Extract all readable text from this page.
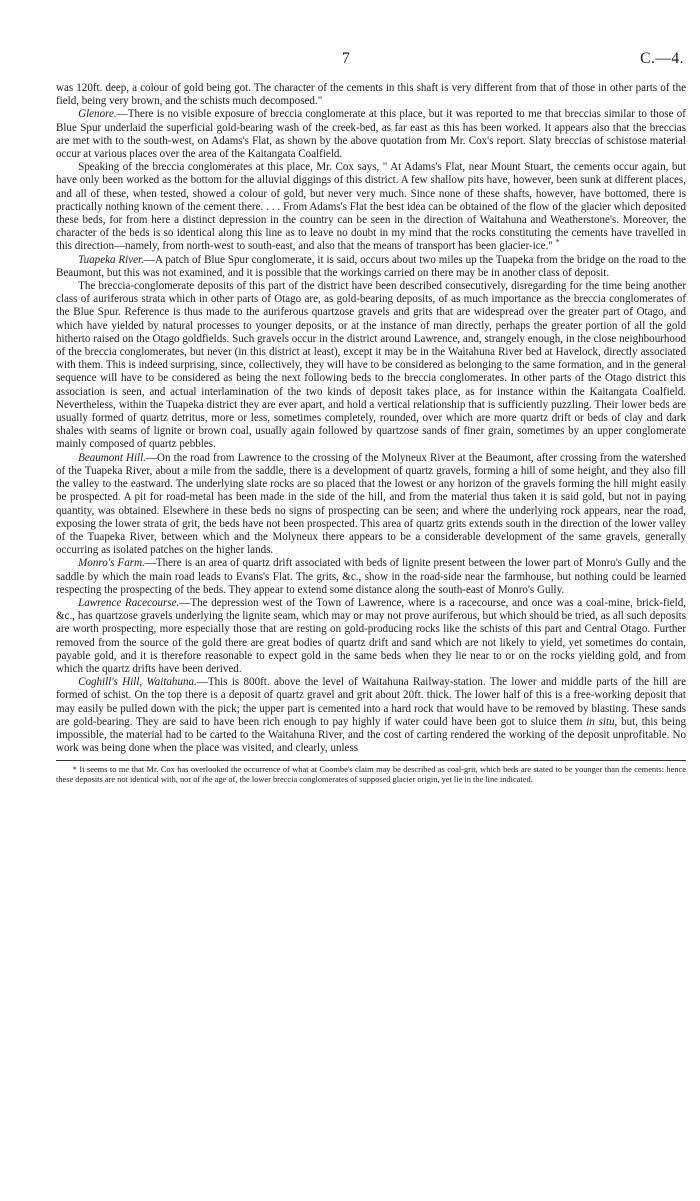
7	C.—4.

was 120ft. deep, a colour of gold being got. The character of the cements in this shaft is very different from that of those in other parts of the field, being very brown, and the schists much decomposed."

Glenore.—There is no visible exposure of breccia conglomerate at this place, but it was reported to me that breccias similar to those of Blue Spur underlaid the superficial gold-bearing wash of the creek-bed, as far east as this has been worked. It appears also that the breccias are met with to the south-west, on Adams's Flat, as shown by the above quotation from Mr. Cox's report. Slaty breccias of schistose material occur at various places over the area of the Kaitangata Coalfield.

Speaking of the breccia conglomerates at this place, Mr. Cox says, " At Adams's Flat, near Mount Stuart, the cements occur again, but have only been worked as the bottom for the alluvial diggings of this district. A few shallow pits have, however, been sunk at different places, and all of these, when tested, showed a colour of gold, but never very much. Since none of these shafts, however, have bottomed, there is practically nothing known of the cement there. . . . From Adams's Flat the best idea can be obtained of the flow of the glacier which deposited these beds, for from here a distinct depression in the country can be seen in the direction of Waitahuna and Weatherstone's. Moreover, the character of the beds is so identical along this line as to leave no doubt in my mind that the rocks constituting the cements have travelled in this direction—namely, from north-west to south-east, and also that the means of transport has been glacier-ice." *

Tuapeka River.—A patch of Blue Spur conglomerate, it is said, occurs about two miles up the Tuapeka from the bridge on the road to the Beaumont, but this was not examined, and it is possible that the workings carried on there may be in another class of deposit.

The breccia-conglomerate deposits of this part of the district have been described consecutively, disregarding for the time being another class of auriferous strata which in other parts of Otago are, as gold-bearing deposits, of as much importance as the breccia conglomerates of the Blue Spur. Reference is thus made to the auriferous quartzose gravels and grits that are widespread over the greater part of Otago, and which have yielded by natural processes to younger deposits, or at the instance of man directly, perhaps the greater portion of all the gold hitherto raised on the Otago goldfields. Such gravels occur in the district around Lawrence, and, strangely enough, in the close neighbourhood of the breccia conglomerates, but never (in this district at least), except it may be in the Waitahuna River bed at Havelock, directly associated with them. This is indeed surprising, since, collectively, they will have to be considered as belonging to the same formation, and in the general sequence will have to be considered as being the next following beds to the breccia conglomerates. In other parts of the Otago district this association is seen, and actual interlamination of the two kinds of deposit takes place, as for instance within the Kaitangata Coalfield. Nevertheless, within the Tuapeka district they are ever apart, and hold a vertical relationship that is sufficiently puzzling. Their lower beds are usually formed of quartz detritus, more or less, sometimes completely, rounded, over which are more quartz drift or beds of clay and dark shales with seams of lignite or brown coal, usually again followed by quartzose sands of finer grain, sometimes by an upper conglomerate mainly composed of quartz pebbles.

Beaumont Hill.—On the road from Lawrence to the crossing of the Molyneux River at the Beaumont, after crossing from the watershed of the Tuapeka River, about a mile from the saddle, there is a development of quartz gravels, forming a hill of some height, and they also fill the valley to the eastward. The underlying slate rocks are so placed that the lowest or any horizon of the gravels forming the hill might easily be prospected. A pit for road-metal has been made in the side of the hill, and from the material thus taken it is said gold, but not in paying quantity, was obtained. Elsewhere in these beds no signs of prospecting can be seen; and where the underlying rock appears, near the road, exposing the lower strata of grit, the beds have not been prospected. This area of quartz grits extends south in the direction of the lower valley of the Tuapeka River, between which and the Molyneux there appears to be a considerable development of the same gravels, generally occurring as isolated patches on the higher lands.

Monro's Farm.—There is an area of quartz drift associated with beds of lignite present between the lower part of Monro's Gully and the saddle by which the main road leads to Evans's Flat. The grits, &c., show in the road-side near the farmhouse, but nothing could be learned respecting the prospecting of the beds. They appear to extend some distance along the south-east of Monro's Gully.

Lawrence Racecourse.—The depression west of the Town of Lawrence, where is a racecourse, and once was a coal-mine, brick-field, &c., has quartzose gravels underlying the lignite seam, which may or may not prove auriferous, but which should be tried, as all such deposits are worth prospecting, more especially those that are resting on gold-producing rocks like the schists of this part and Central Otago. Further removed from the source of the gold there are great bodies of quartz drift and sand which are not likely to yield, yet sometimes do contain, payable gold, and it is therefore reasonable to expect gold in the same beds when they lie near to or on the rocks yielding gold, and from which the quartz drifts have been derived.

Coghill's Hill, Waitahuna.—This is 800ft. above the level of Waitahuna Railway-station. The lower and middle parts of the hill are formed of schist. On the top there is a deposit of quartz gravel and grit about 20ft. thick. The lower half of this is a free-working deposit that may easily be pulled down with the pick; the upper part is cemented into a hard rock that would have to be removed by blasting. These sands are gold-bearing. They are said to have been rich enough to pay highly if water could have been got to sluice them in situ, but, this being impossible, the material had to be carted to the Waitahuna River, and the cost of carting rendered the working of the deposit unprofitable. No work was being done when the place was visited, and clearly, unless

* It seems to me that Mr. Cox has overlooked the occurrence of what at Coombe's claim may be described as coal-grit, which beds are stated to be younger than the cements: hence these deposits are not identical with, nor of the age of, the lower breccia conglomerates of supposed glacier origin, yet lie in the line indicated.
